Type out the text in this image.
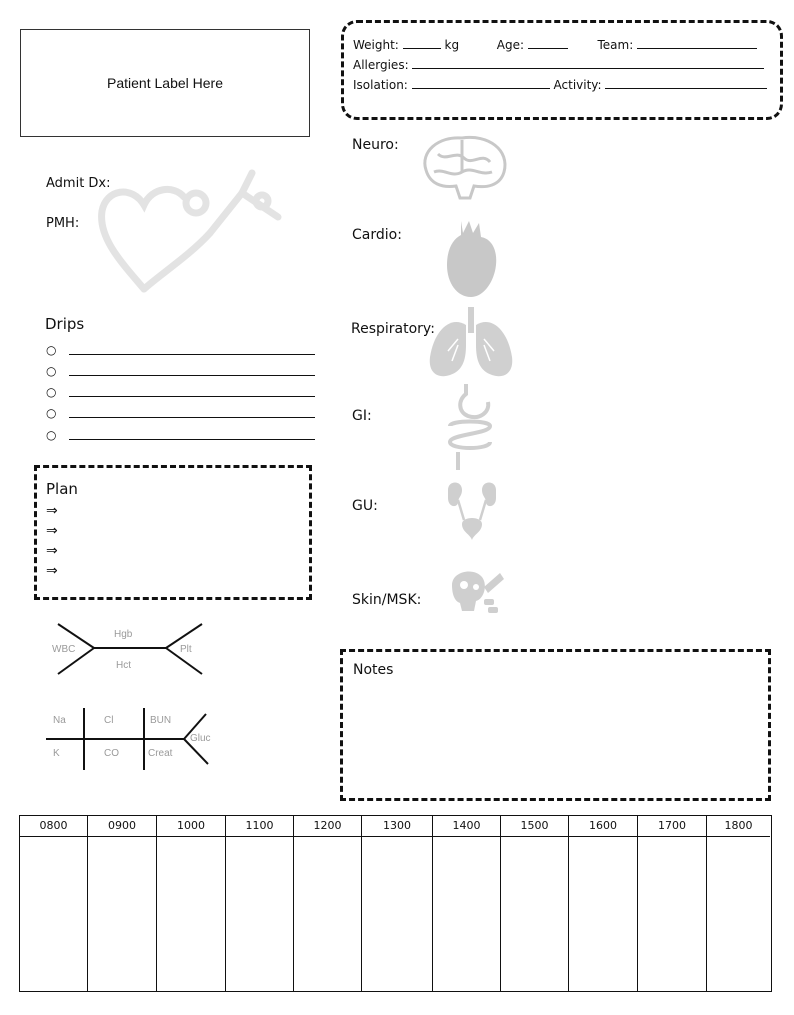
Patient Label Here
Weight:	kg	Age:	Team:
Allergies:
Isolation:	Activity:
Admit Dx:
PMH:
Drips
○
○
○
○
○
Plan
⇒
⇒
⇒
⇒
WBC
Hgb
Hct
Plt
Na	Cl	BUN
K	CO	Creat
Gluc
Neuro:
Cardio:
Respiratory:
GI:
GU:
Skin/MSK:
Notes
0800	0900	1000	1100	1200	1300	1400	1500	1600	1700	1800
